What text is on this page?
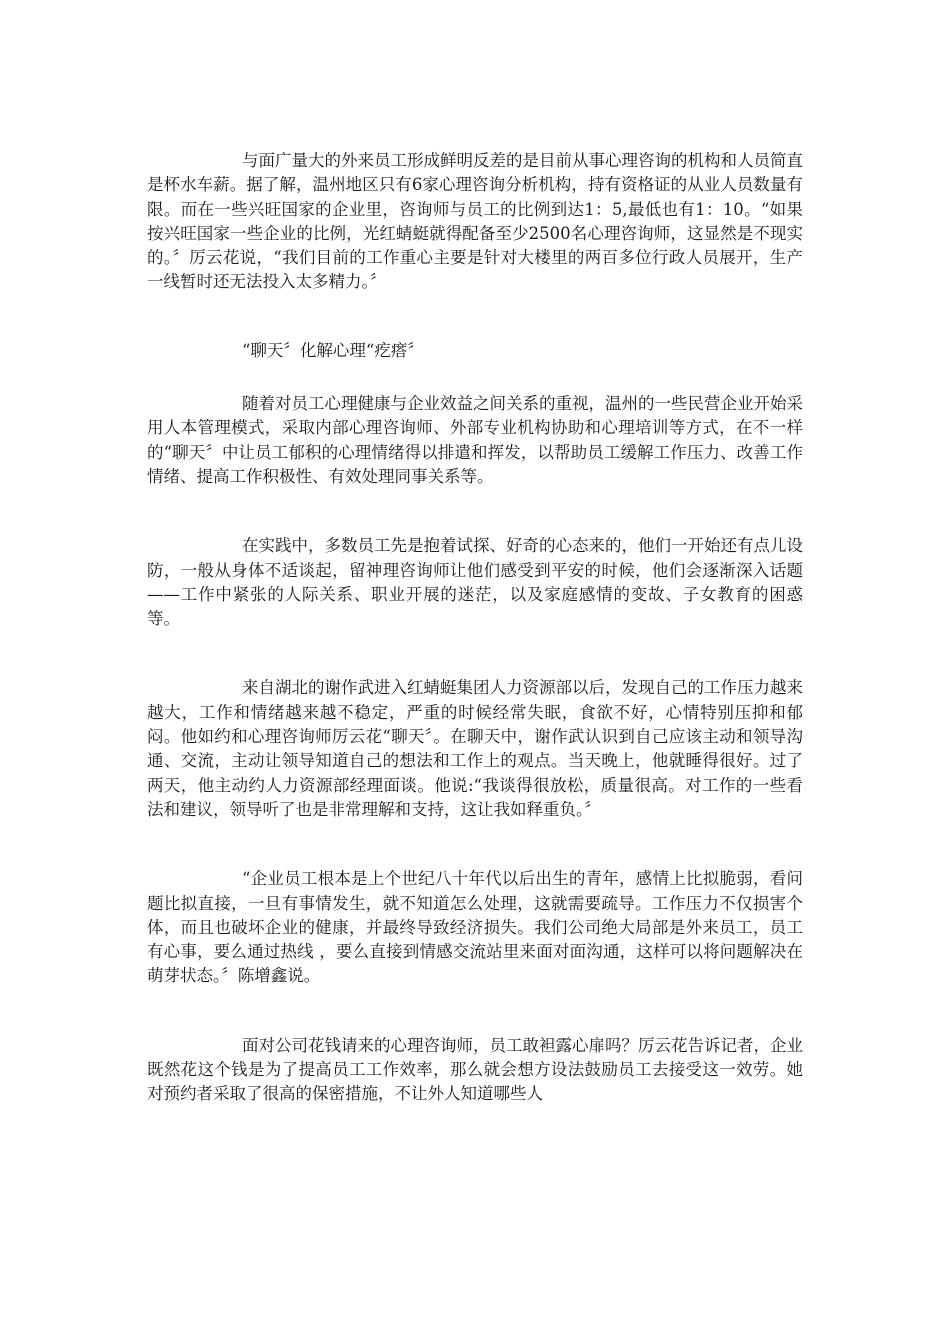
与面广量大的外来员工形成鲜明反差的是目前从事心理咨询的机构和人员简直是杯水车薪。据了解，温州地区只有6家心理咨询分析机构，持有资格证的从业人员数量有限。而在一些兴旺国家的企业里，咨询师与员工的比例到达1：5,最低也有1：10。“如果按兴旺国家一些企业的比例，光红蜻蜓就得配备至少2500名心理咨询师，这显然是不现实的。〞厉云花说，“我们目前的工作重心主要是针对大楼里的两百多位行政人员展开，生产一线暂时还无法投入太多精力。〞

“聊天〞化解心理“疙瘩〞

随着对员工心理健康与企业效益之间关系的重视，温州的一些民营企业开始采用人本管理模式，采取内部心理咨询师、外部专业机构协助和心理培训等方式，在不一样的“聊天〞中让员工郁积的心理情绪得以排遣和挥发，以帮助员工缓解工作压力、改善工作情绪、提高工作积极性、有效处理同事关系等。

在实践中，多数员工先是抱着试探、好奇的心态来的，他们一开始还有点儿设防，一般从身体不适谈起，留神理咨询师让他们感受到平安的时候，他们会逐渐深入话题——工作中紧张的人际关系、职业开展的迷茫，以及家庭感情的变故、子女教育的困惑等。

来自湖北的谢作武进入红蜻蜓集团人力资源部以后，发现自己的工作压力越来越大，工作和情绪越来越不稳定，严重的时候经常失眠，食欲不好，心情特别压抑和郁闷。他如约和心理咨询师厉云花“聊天〞。在聊天中，谢作武认识到自己应该主动和领导沟通、交流，主动让领导知道自己的想法和工作上的观点。当天晚上，他就睡得很好。过了两天，他主动约人力资源部经理面谈。他说:“我谈得很放松，质量很高。对工作的一些看法和建议，领导听了也是非常理解和支持，这让我如释重负。〞

“企业员工根本是上个世纪八十年代以后出生的青年，感情上比拟脆弱，看问题比拟直接，一旦有事情发生，就不知道怎么处理，这就需要疏导。工作压力不仅损害个体，而且也破坏企业的健康，并最终导致经济损失。我们公司绝大局部是外来员工，员工有心事，要么通过热线 ，要么直接到情感交流站里来面对面沟通，这样可以将问题解决在萌芽状态。〞陈增鑫说。

面对公司花钱请来的心理咨询师，员工敢袒露心扉吗？厉云花告诉记者，企业既然花这个钱是为了提高员工工作效率，那么就会想方设法鼓励员工去接受这一效劳。她对预约者采取了很高的保密措施，不让外人知道哪些人
